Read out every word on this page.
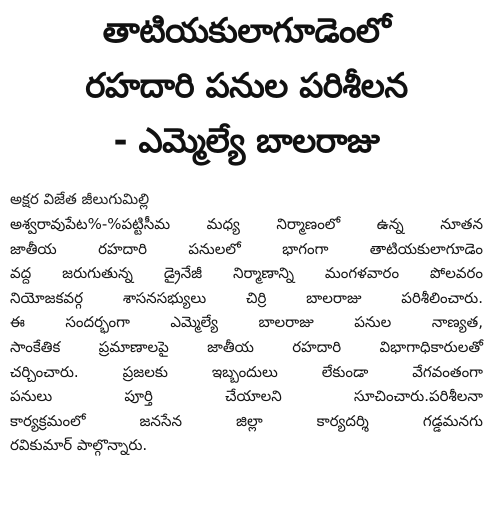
తాటియకులాగూడెంలో
రహదారి పనుల పరిశీలన
- ఎమ్మెల్యే బాలరాజు
అక్షర విజేత జీలుగుమిల్లి
అశ్వరావుపేట%-%పట్టిసీమ మధ్య నిర్మాణంలో ఉన్న నూతన
జాతీయ రహదారి పనులలో భాగంగా తాటియకులాగూడెం
వద్ద జరుగుతున్న డ్రైనేజీ నిర్మాణాన్ని మంగళవారం పోలవరం
నియోజకవర్గ శాసనసభ్యులు చిర్రి బాలరాజు పరిశీలించారు.
ఈ సందర్భంగా ఎమ్మెల్యే బాలరాజు పనుల నాణ్యత,
సాంకేతిక ప్రమాణాలపై జాతీయ రహదారి విభాగాధికారులతో
చర్చించారు. ప్రజలకు ఇబ్బందులు లేకుండా వేగవంతంగా
పనులు పూర్తి చేయాలని సూచించారు.పరిశీలనా
కార్యక్రమంలో జనసేన జిల్లా కార్యదర్శి గడ్డమనగు
రవికుమార్ పాల్గొన్నారు.
